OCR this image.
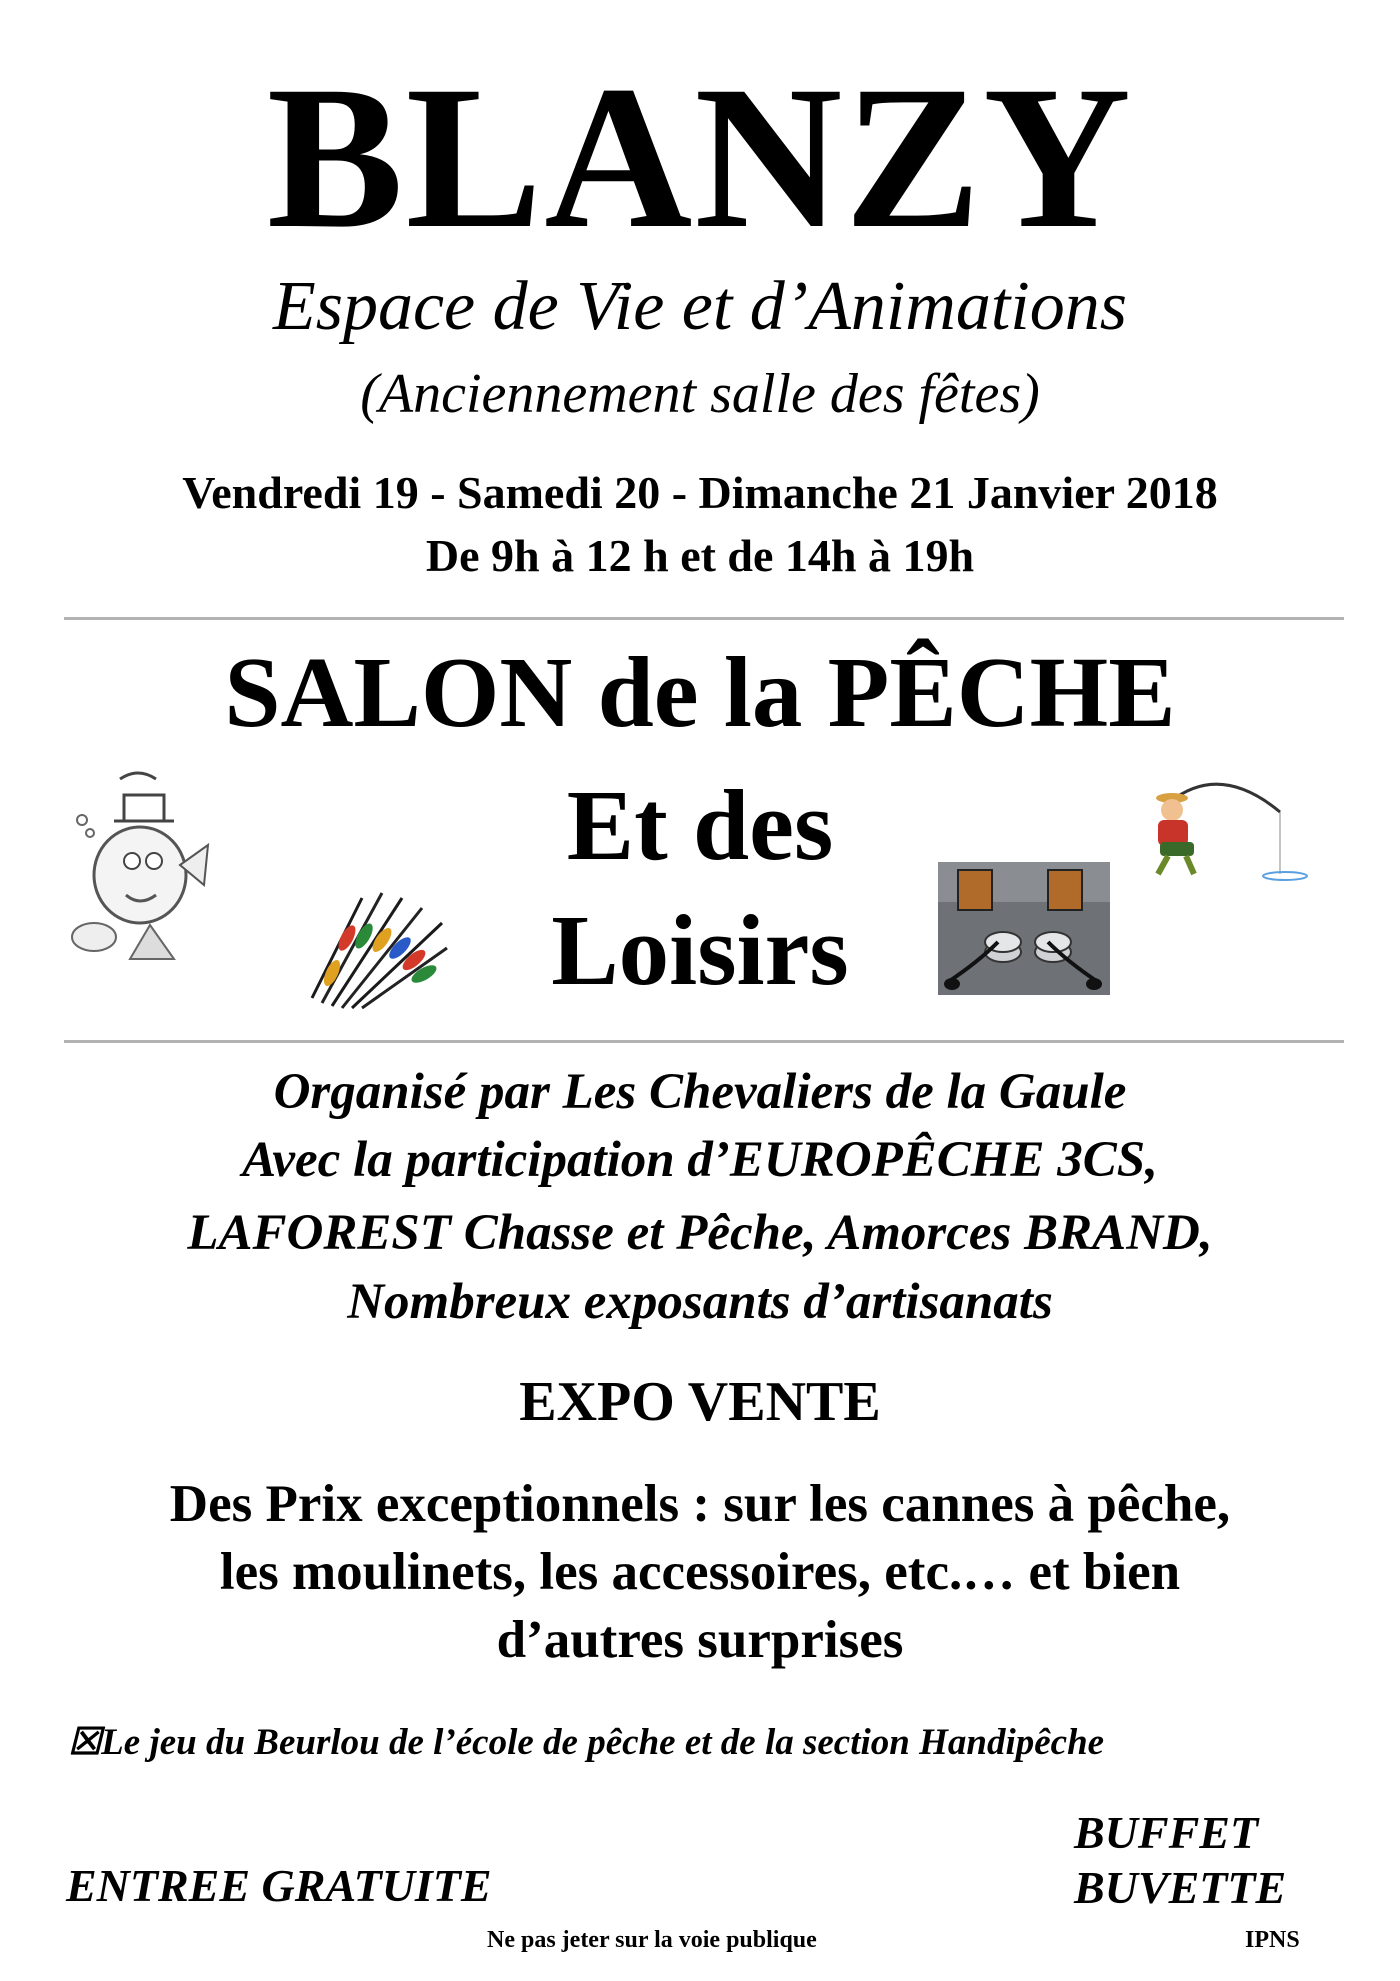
BLANZY
Espace de Vie et d’Animations
(Anciennement salle des fêtes)
Vendredi 19 - Samedi 20 - Dimanche 21 Janvier 2018
De 9h à 12 h et de 14h à 19h
SALON de la PÊCHE
Et des
Loisirs
Organisé par Les Chevaliers de la Gaule
Avec la participation d’EUROPÊCHE 3CS,
LAFOREST Chasse et Pêche, Amorces BRAND,
Nombreux exposants d’artisanats
EXPO VENTE
Des Prix exceptionnels : sur les cannes à pêche,
les moulinets, les accessoires, etc.… et bien
d’autres surprises
☒Le jeu du Beurlou de l’école de pêche et de la section Handipêche
ENTREE GRATUITE
BUFFET
BUVETTE
Ne pas jeter sur la voie publique	IPNS
